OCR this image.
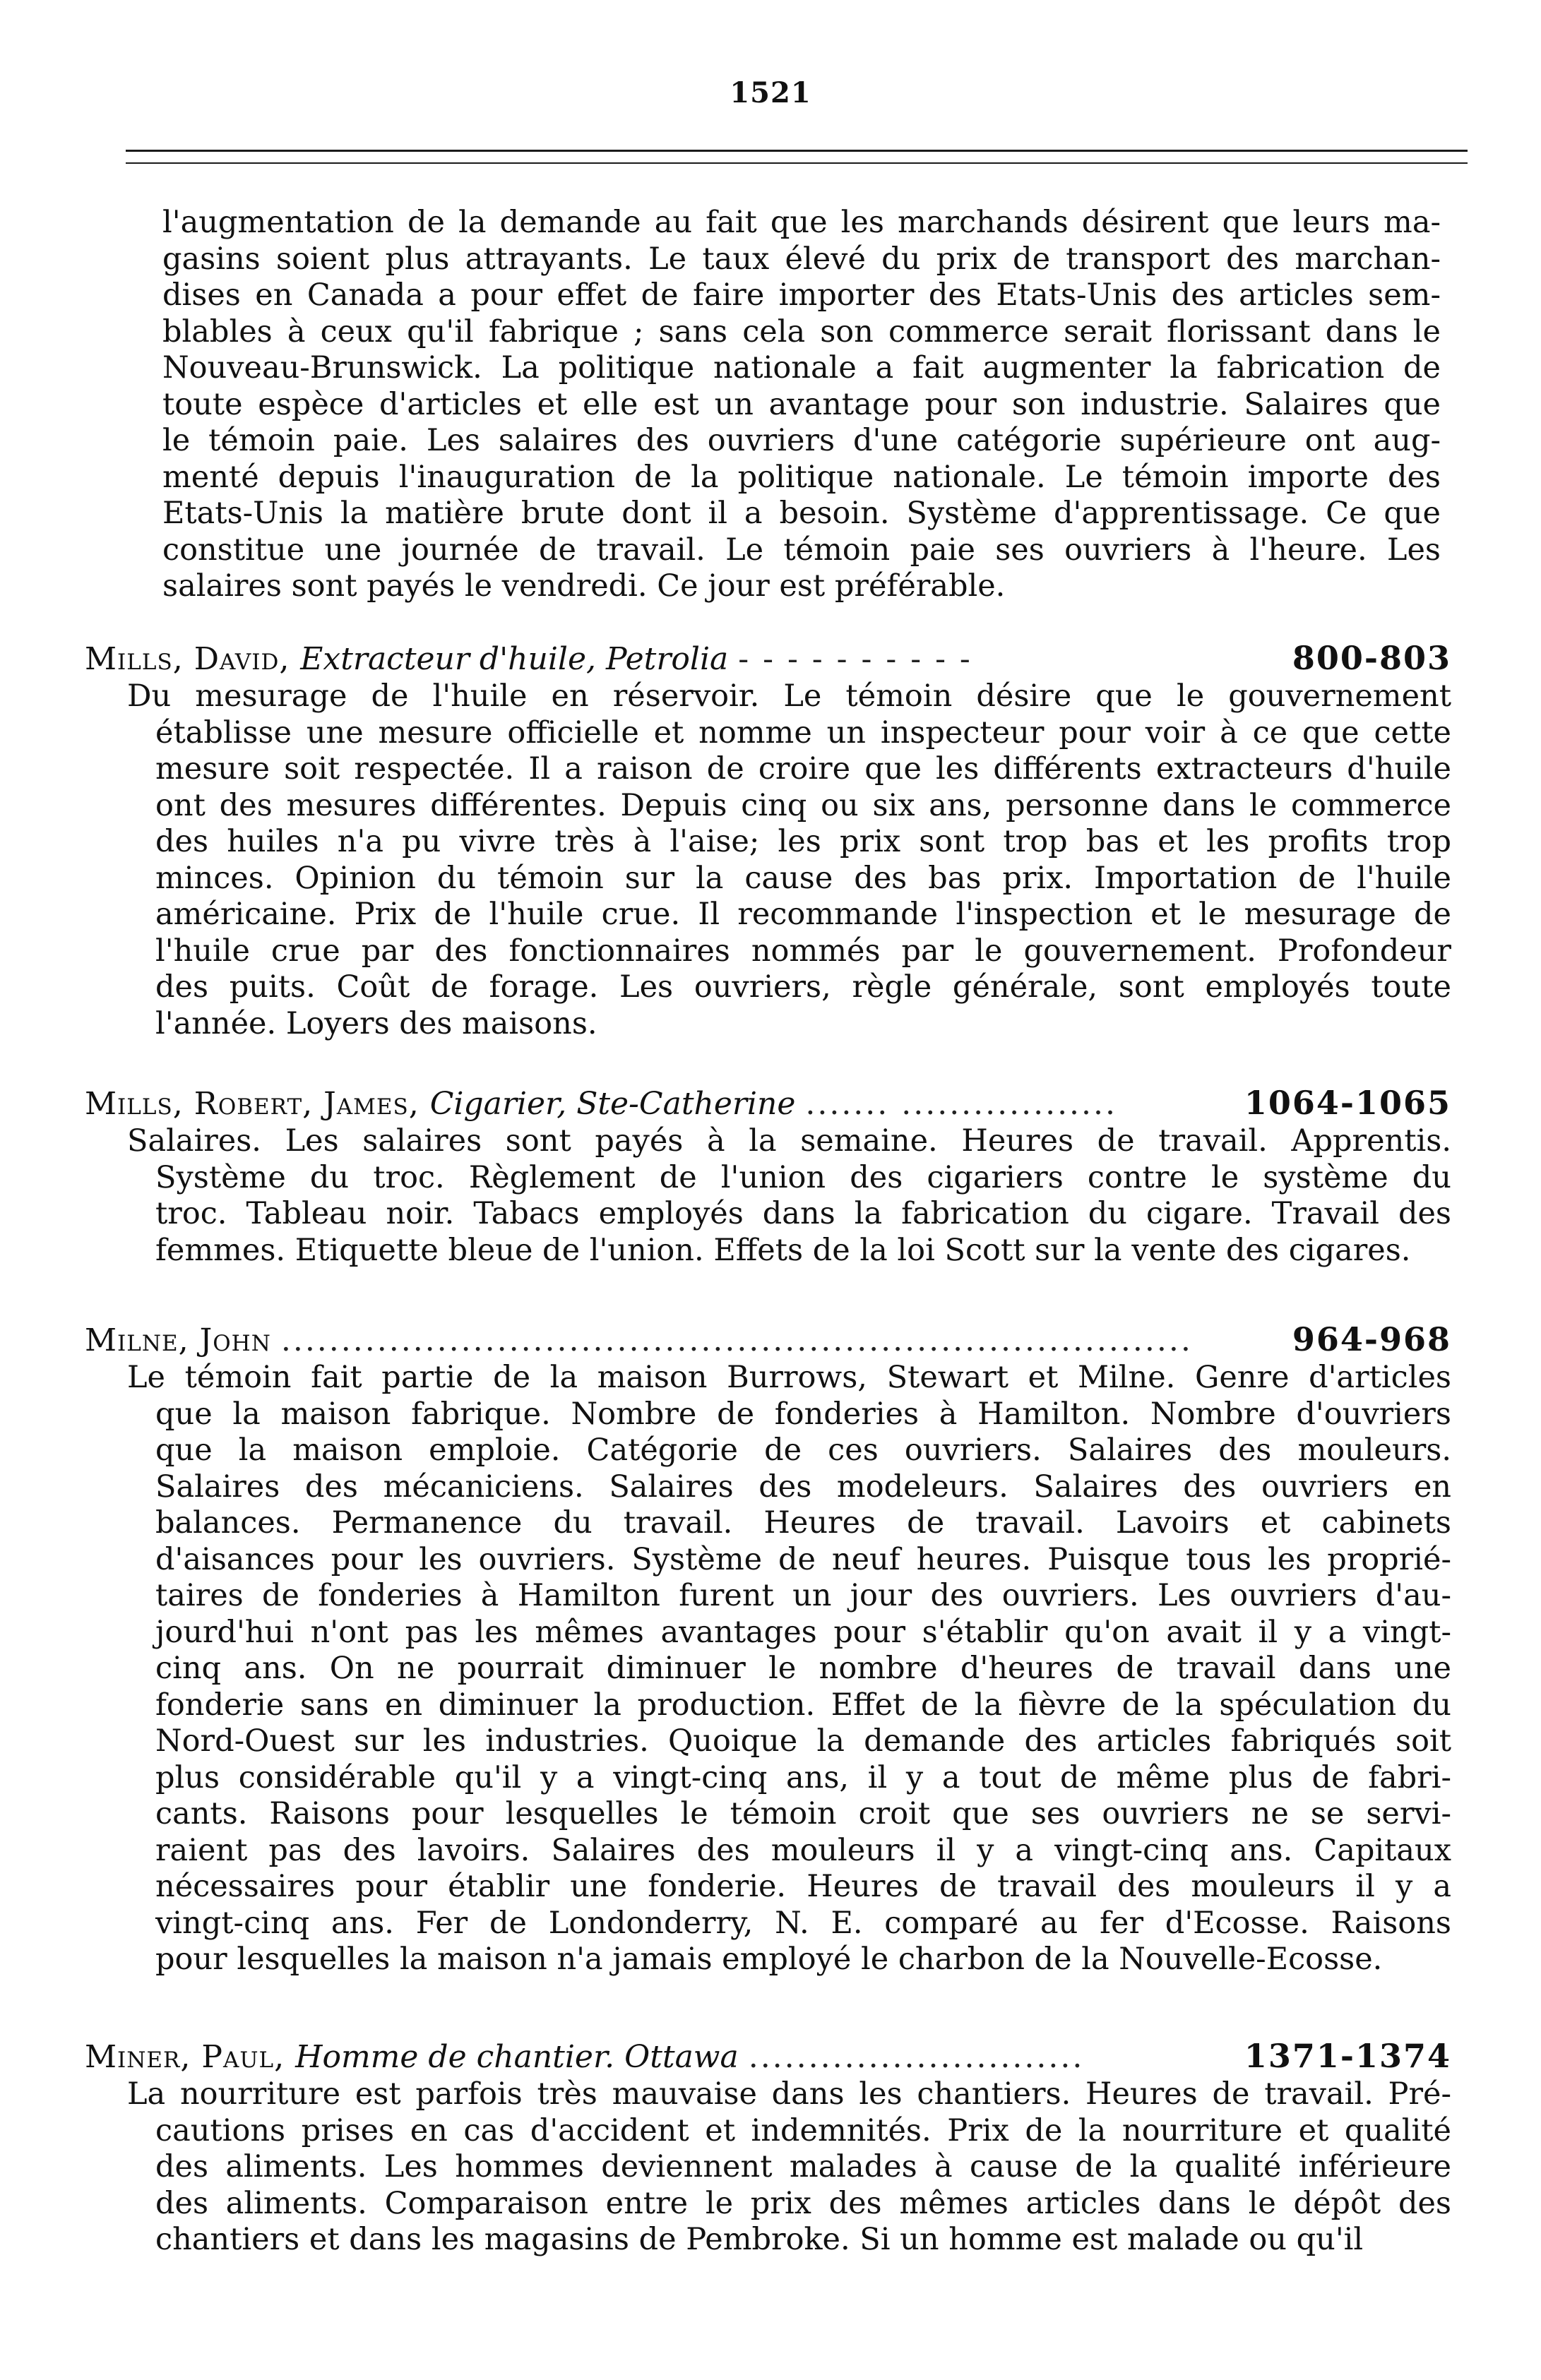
1521
l'augmentation de la demande au fait que les marchands désirent que leurs ma-
gasins soient plus attrayants. Le taux élevé du prix de transport des marchan-
dises en Canada a pour effet de faire importer des Etats-Unis des articles sem-
blables à ceux qu'il fabrique ; sans cela son commerce serait florissant dans le
Nouveau-Brunswick. La politique nationale a fait augmenter la fabrication de
toute espèce d'articles et elle est un avantage pour son industrie. Salaires que
le témoin paie. Les salaires des ouvriers d'une catégorie supérieure ont aug-
menté depuis l'inauguration de la politique nationale. Le témoin importe des
Etats-Unis la matière brute dont il a besoin. Système d'apprentissage. Ce que
constitue une journée de travail. Le témoin paie ses ouvriers à l'heure. Les
salaires sont payés le vendredi. Ce jour est préférable.
Mills, David, Extracteur d'huile, Petrolia - - - - - - - - - -	800-803
Du mesurage de l'huile en réservoir. Le témoin désire que le gouvernement
établisse une mesure officielle et nomme un inspecteur pour voir à ce que cette
mesure soit respectée. Il a raison de croire que les différents extracteurs d'huile
ont des mesures différentes. Depuis cinq ou six ans, personne dans le commerce
des huiles n'a pu vivre très à l'aise; les prix sont trop bas et les profits trop
minces. Opinion du témoin sur la cause des bas prix. Importation de l'huile
américaine. Prix de l'huile crue. Il recommande l'inspection et le mesurage de
l'huile crue par des fonctionnaires nommés par le gouvernement. Profondeur
des puits. Coût de forage. Les ouvriers, règle générale, sont employés toute
l'année. Loyers des maisons.
Mills, Robert, James, Cigarier, Ste-Catherine ....... ..................	1064-1065
Salaires. Les salaires sont payés à la semaine. Heures de travail. Apprentis.
Système du troc. Règlement de l'union des cigariers contre le système du
troc. Tableau noir. Tabacs employés dans la fabrication du cigare. Travail des
femmes. Etiquette bleue de l'union. Effets de la loi Scott sur la vente des cigares.
Milne, John ............................................................................	964-968
Le témoin fait partie de la maison Burrows, Stewart et Milne. Genre d'articles
que la maison fabrique. Nombre de fonderies à Hamilton. Nombre d'ouvriers
que la maison emploie. Catégorie de ces ouvriers. Salaires des mouleurs.
Salaires des mécaniciens. Salaires des modeleurs. Salaires des ouvriers en
balances. Permanence du travail. Heures de travail. Lavoirs et cabinets
d'aisances pour les ouvriers. Système de neuf heures. Puisque tous les proprié-
taires de fonderies à Hamilton furent un jour des ouvriers. Les ouvriers d'au-
jourd'hui n'ont pas les mêmes avantages pour s'établir qu'on avait il y a vingt-
cinq ans. On ne pourrait diminuer le nombre d'heures de travail dans une
fonderie sans en diminuer la production. Effet de la fièvre de la spéculation du
Nord-Ouest sur les industries. Quoique la demande des articles fabriqués soit
plus considérable qu'il y a vingt-cinq ans, il y a tout de même plus de fabri-
cants. Raisons pour lesquelles le témoin croit que ses ouvriers ne se servi-
raient pas des lavoirs. Salaires des mouleurs il y a vingt-cinq ans. Capitaux
nécessaires pour établir une fonderie. Heures de travail des mouleurs il y a
vingt-cinq ans. Fer de Londonderry, N. E. comparé au fer d'Ecosse. Raisons
pour lesquelles la maison n'a jamais employé le charbon de la Nouvelle-Ecosse.
Miner, Paul, Homme de chantier. Ottawa ............................	1371-1374
La nourriture est parfois très mauvaise dans les chantiers. Heures de travail. Pré-
cautions prises en cas d'accident et indemnités. Prix de la nourriture et qualité
des aliments. Les hommes deviennent malades à cause de la qualité inférieure
des aliments. Comparaison entre le prix des mêmes articles dans le dépôt des
chantiers et dans les magasins de Pembroke. Si un homme est malade ou qu'il
